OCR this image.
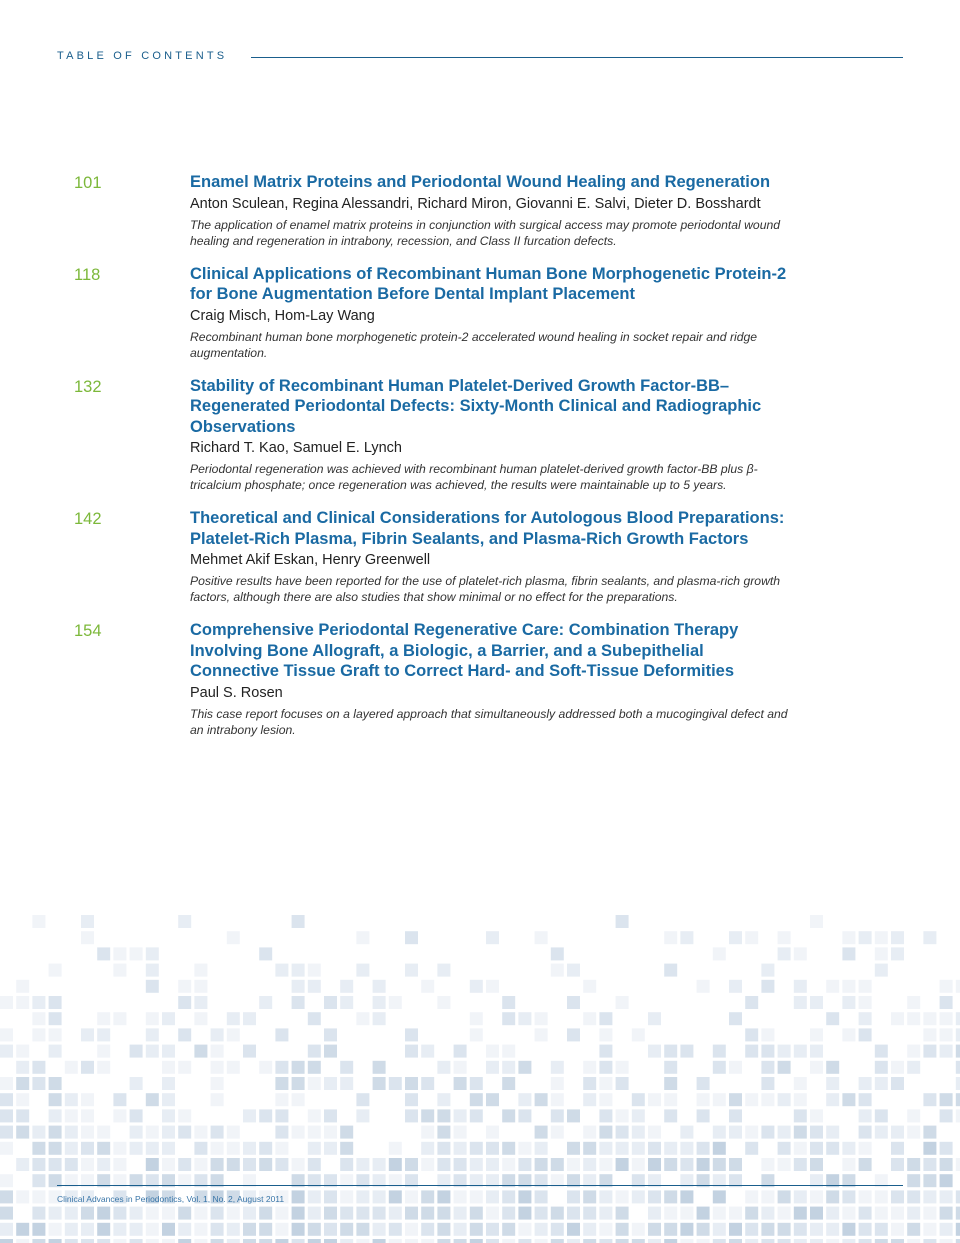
TABLE OF CONTENTS
101	Enamel Matrix Proteins and Periodontal Wound Healing and Regeneration
Anton Sculean, Regina Alessandri, Richard Miron, Giovanni E. Salvi, Dieter D. Bosshardt
The application of enamel matrix proteins in conjunction with surgical access may promote periodontal wound healing and regeneration in intrabony, recession, and Class II furcation defects.
118	Clinical Applications of Recombinant Human Bone Morphogenetic Protein-2 for Bone Augmentation Before Dental Implant Placement
Craig Misch, Hom-Lay Wang
Recombinant human bone morphogenetic protein-2 accelerated wound healing in socket repair and ridge augmentation.
132	Stability of Recombinant Human Platelet-Derived Growth Factor-BB–Regenerated Periodontal Defects: Sixty-Month Clinical and Radiographic Observations
Richard T. Kao, Samuel E. Lynch
Periodontal regeneration was achieved with recombinant human platelet-derived growth factor-BB plus β-tricalcium phosphate; once regeneration was achieved, the results were maintainable up to 5 years.
142	Theoretical and Clinical Considerations for Autologous Blood Preparations: Platelet-Rich Plasma, Fibrin Sealants, and Plasma-Rich Growth Factors
Mehmet Akif Eskan, Henry Greenwell
Positive results have been reported for the use of platelet-rich plasma, fibrin sealants, and plasma-rich growth factors, although there are also studies that show minimal or no effect for the preparations.
154	Comprehensive Periodontal Regenerative Care: Combination Therapy Involving Bone Allograft, a Biologic, a Barrier, and a Subepithelial Connective Tissue Graft to Correct Hard- and Soft-Tissue Deformities
Paul S. Rosen
This case report focuses on a layered approach that simultaneously addressed both a mucogingival defect and an intrabony lesion.
Clinical Advances in Periodontics, Vol. 1, No. 2, August 2011
